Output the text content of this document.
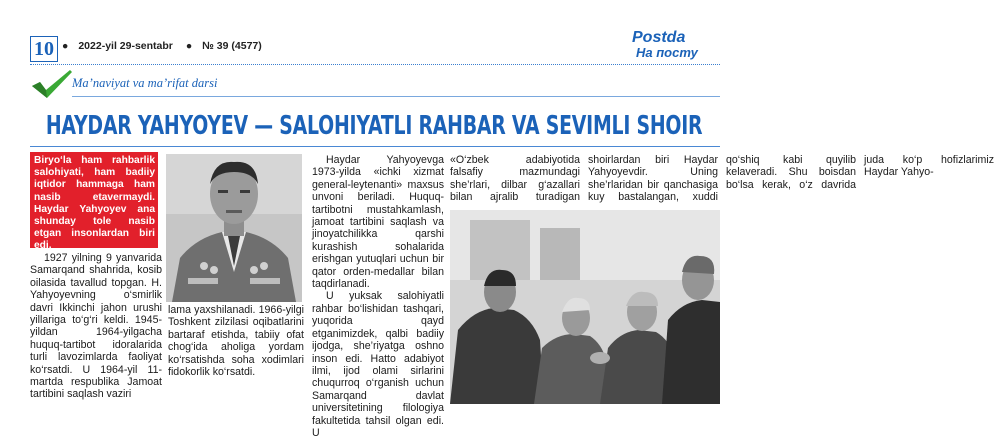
10 ● 2022-yil 29-sentabr ● № 39 (4577)	Postda
На посту
Ma’naviyat va ma’rifat darsi
HAYDAR YAHYOYEV — SALOHIYATLI RAHBAR VA SEVIMLI SHOIR

Biryo‘la ham rahbarlik salohiyati, ham badiiy iqtidor hammaga ham nasib etavermaydi. Haydar Yahyoyev ana shunday tole nasib etgan insonlardan biri edi.

1927 yilning 9 yanvarida Samarqand shahrida, kosib oilasida tavallud topgan. H. Yahyoyevning o‘smirlik davri Ikkinchi jahon urushi yillariga to‘g‘ri keldi. 1945-yildan 1964-yilgacha huquq-tartibot idoralarida turli lavozimlarda faoliyat ko‘rsatdi. U 1964-yil 11-martda respublika Jamoat tartibini saqlash vaziri

lama yaxshilanadi. 1966-yilgi Toshkent zilzilasi oqibatlarini bartaraf etishda, tabiiy ofat chog‘ida aholiga yordam ko‘rsatishda soha xodimlari fidokorlik ko‘rsatdi.

Haydar Yahyoyevga 1973-yilda «ichki xizmat general-leytenanti» maxsus unvoni beriladi. Huquq-tartibotni mustahkamlash, jamoat tartibini saqlash va jinoyatchilikka qarshi kurashish sohalarida erishgan yutuqlari uchun bir qator orden-medallar bilan taqdirlanadi.

U yuksak salohiyatli rahbar bo‘lishidan tashqari, yuqorida qayd etganimizdek, qalbi badiiy ijodga, she’riyatga oshno inson edi. Hatto adabiyot ilmi, ijod olami sirlarini chuqurroq o‘rganish uchun Samarqand davlat universitetining filologiya fakultetida tahsil olgan edi. U

«O‘zbek adabiyotida falsafiy mazmundagi she’rlari, dilbar g‘azallari bilan ajralib turadigan shoirlardan biri Haydar Yahyoyevdir. Uning she’rlaridan bir qanchasiga kuy bastalangan, xuddi qo‘shiq kabi quyilib kelaveradi. Shu boisdan bo‘lsa kerak, o‘z davrida juda ko‘p hofizlarimiz Haydar Yahyo-
